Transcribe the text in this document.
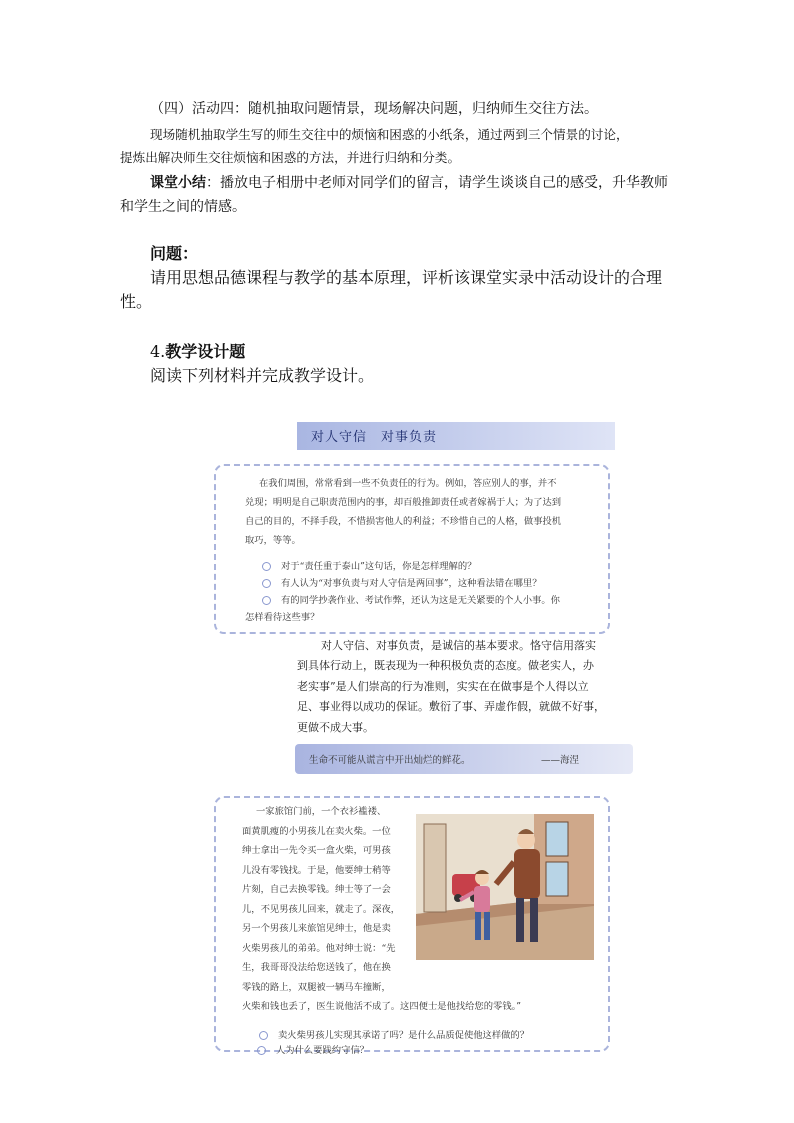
（四）活动四：随机抽取问题情景，现场解决问题，归纳师生交往方法。
现场随机抽取学生写的师生交往中的烦恼和困惑的小纸条，通过两到三个情景的讨论，
提炼出解决师生交往烦恼和困惑的方法，并进行归纳和分类。
课堂小结：播放电子相册中老师对同学们的留言，请学生谈谈自己的感受，升华教师
和学生之间的情感。
问题：
请用思想品德课程与教学的基本原理，评析该课堂实录中活动设计的合理
性。
4.教学设计题
阅读下列材料并完成教学设计。
对人守信　对事负责
在我们周围，常常看到一些不负责任的行为。例如，答应别人的事，并不
兑现；明明是自己职责范围内的事，却百般推卸责任或者嫁祸于人；为了达到
自己的目的，不择手段，不惜损害他人的利益；不珍惜自己的人格，做事投机
取巧，等等。
对于“责任重于泰山”这句话，你是怎样理解的？
有人认为“对事负责与对人守信是两回事”，这种看法错在哪里？
有的同学抄袭作业、考试作弊，还认为这是无关紧要的个人小事。你
怎样看待这些事？
对人守信、对事负责，是诚信的基本要求。恪守信用落实
到具体行动上，既表现为一种积极负责的态度。做老实人，办
老实事”是人们崇高的行为准则，实实在在做事是个人得以立
足、事业得以成功的保证。敷衍了事、弄虚作假，就做不好事，
更做不成大事。
生命不可能从谎言中开出灿烂的鲜花。	——海涅
一家旅馆门前，一个衣衫褴褛、
面黄肌瘦的小男孩儿在卖火柴。一位
绅士拿出一先令买一盒火柴，可男孩
儿没有零钱找。于是，他要绅士稍等
片刻，自己去换零钱。绅士等了一会
儿，不见男孩儿回来，就走了。深夜，
另一个男孩儿来旅馆见绅士，他是卖
火柴男孩儿的弟弟。他对绅士说：“先
生，我哥哥没法给您送钱了，他在换
零钱的路上，双腿被一辆马车撞断，
火柴和钱也丢了，医生说他活不成了。这四便士是他找给您的零钱。”
卖火柴男孩儿实现其承诺了吗？是什么品质促使他这样做的？
人为什么要践约守信？
